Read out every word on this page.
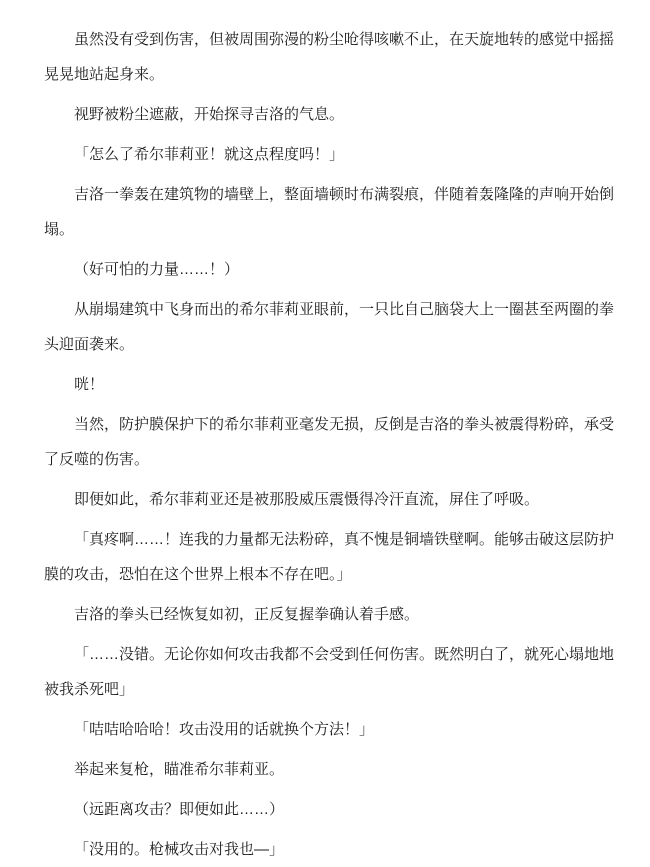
虽然没有受到伤害，但被周围弥漫的粉尘呛得咳嗽不止，在天旋地转的感觉中摇摇晃晃地站起身来。

视野被粉尘遮蔽，开始探寻吉洛的气息。

「怎么了希尔菲莉亚！就这点程度吗！」

吉洛一拳轰在建筑物的墙壁上，整面墙顿时布满裂痕，伴随着轰隆隆的声响开始倒塌。

（好可怕的力量……！）

从崩塌建筑中飞身而出的希尔菲莉亚眼前，一只比自己脑袋大上一圈甚至两圈的拳头迎面袭来。

咣！

当然，防护膜保护下的希尔菲莉亚毫发无损，反倒是吉洛的拳头被震得粉碎，承受了反噬的伤害。

即便如此，希尔菲莉亚还是被那股威压震慑得冷汗直流，屏住了呼吸。

「真疼啊……！连我的力量都无法粉碎，真不愧是铜墙铁壁啊。能够击破这层防护膜的攻击，恐怕在这个世界上根本不存在吧。」

吉洛的拳头已经恢复如初，正反复握拳确认着手感。

「……没错。无论你如何攻击我都不会受到任何伤害。既然明白了，就死心塌地地被我杀死吧」

「咭咭哈哈哈！攻击没用的话就换个方法！」

举起来复枪，瞄准希尔菲莉亚。

（远距离攻击？即便如此……）

「没用的。枪械攻击对我也—」
